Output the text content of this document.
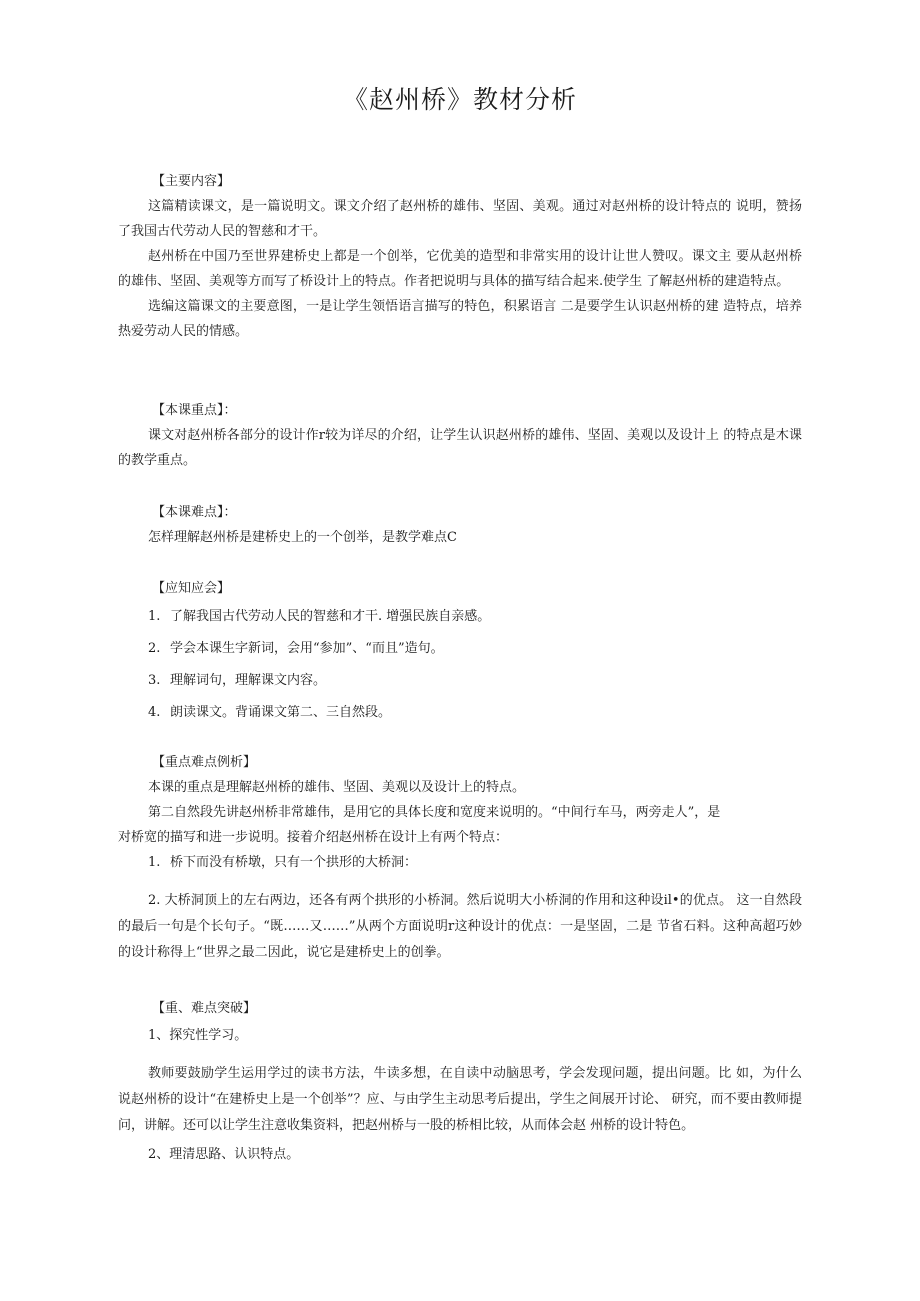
《赵州桥》教材分析
【主要内容】
这篇精读课文，是一篇说明文。课文介绍了赵州桥的雄伟、坚固、美观。通过对赵州桥的设计特点的 说明，赞扬了我国古代劳动人民的智慈和才干。
赵州桥在中国乃至世界建桥史上都是一个创举，它优美的造型和非常实用的设计让世人赞叹。课文主 要从赵州桥的雄伟、坚固、美观等方而写了桥设计上的特点。作者把说明与具体的描写结合起来.使学生 了解赵州桥的建造特点。
选编这篇课文的主要意图，一是让学生领悟语言描写的特色，积累语言 二是要学生认识赵州桥的建 造特点，培养热爱劳动人民的情感。
【本课重点】：
课文对赵州桥各部分的设计作r较为详尽的介绍，让学生认识赵州桥的雄伟、坚固、美观以及设计上 的特点是木课的教学重点。
【本课难点】：
怎样理解赵州桥是建桥史上的一个创举，是教学难点C
【应知应会】
1. 了解我国古代劳动人民的智慈和才干. 增强民族自亲感。
2. 学会本课生字新词，会用“参加”、“而且”造句。
3. 理解词句，理解课文内容。
4. 朗读课文。背诵课文第二、三自然段。
【重点难点例析】
本课的重点是理解赵州桥的雄伟、坚固、美观以及设计上的特点。
第二自然段先讲赵州桥非常雄伟，是用它的具体长度和宽度来说明的。“中间行车马，两旁走人”，是
对桥宽的描写和进一步说明。接着介绍赵州桥在设计上有两个特点：
1. 桥下而没有桥墩，只有一个拱形的大桥洞：
2. 大桥洞顶上的左右两边，还各有两个拱形的小桥洞。然后说明大小桥洞的作用和这种设il•的优点。 这一自然段的最后一句是个长句子。“既……又……”从两个方面说明r这种设计的优点：一是坚固，二是 节省石料。这种高超巧妙的设计称得上“世界之最二因此，说它是建桥史上的创拳。
【重、难点突破】
1、探究性学习。
教师要鼓励学生运用学过的读书方法，牛读多想，在自读中动脑思考，学会发现问题，提出问题。比 如，为什么说赵州桥的设计“在建桥史上是一个创举”？应、与由学生主动思考后提出，学生之间展开讨论、 研究，而不要由教师提问，讲解。还可以让学生注意收集资料，把赵州桥与一股的桥相比较，从而体会赵 州桥的设计特色。
2、理清思路、认识特点。
